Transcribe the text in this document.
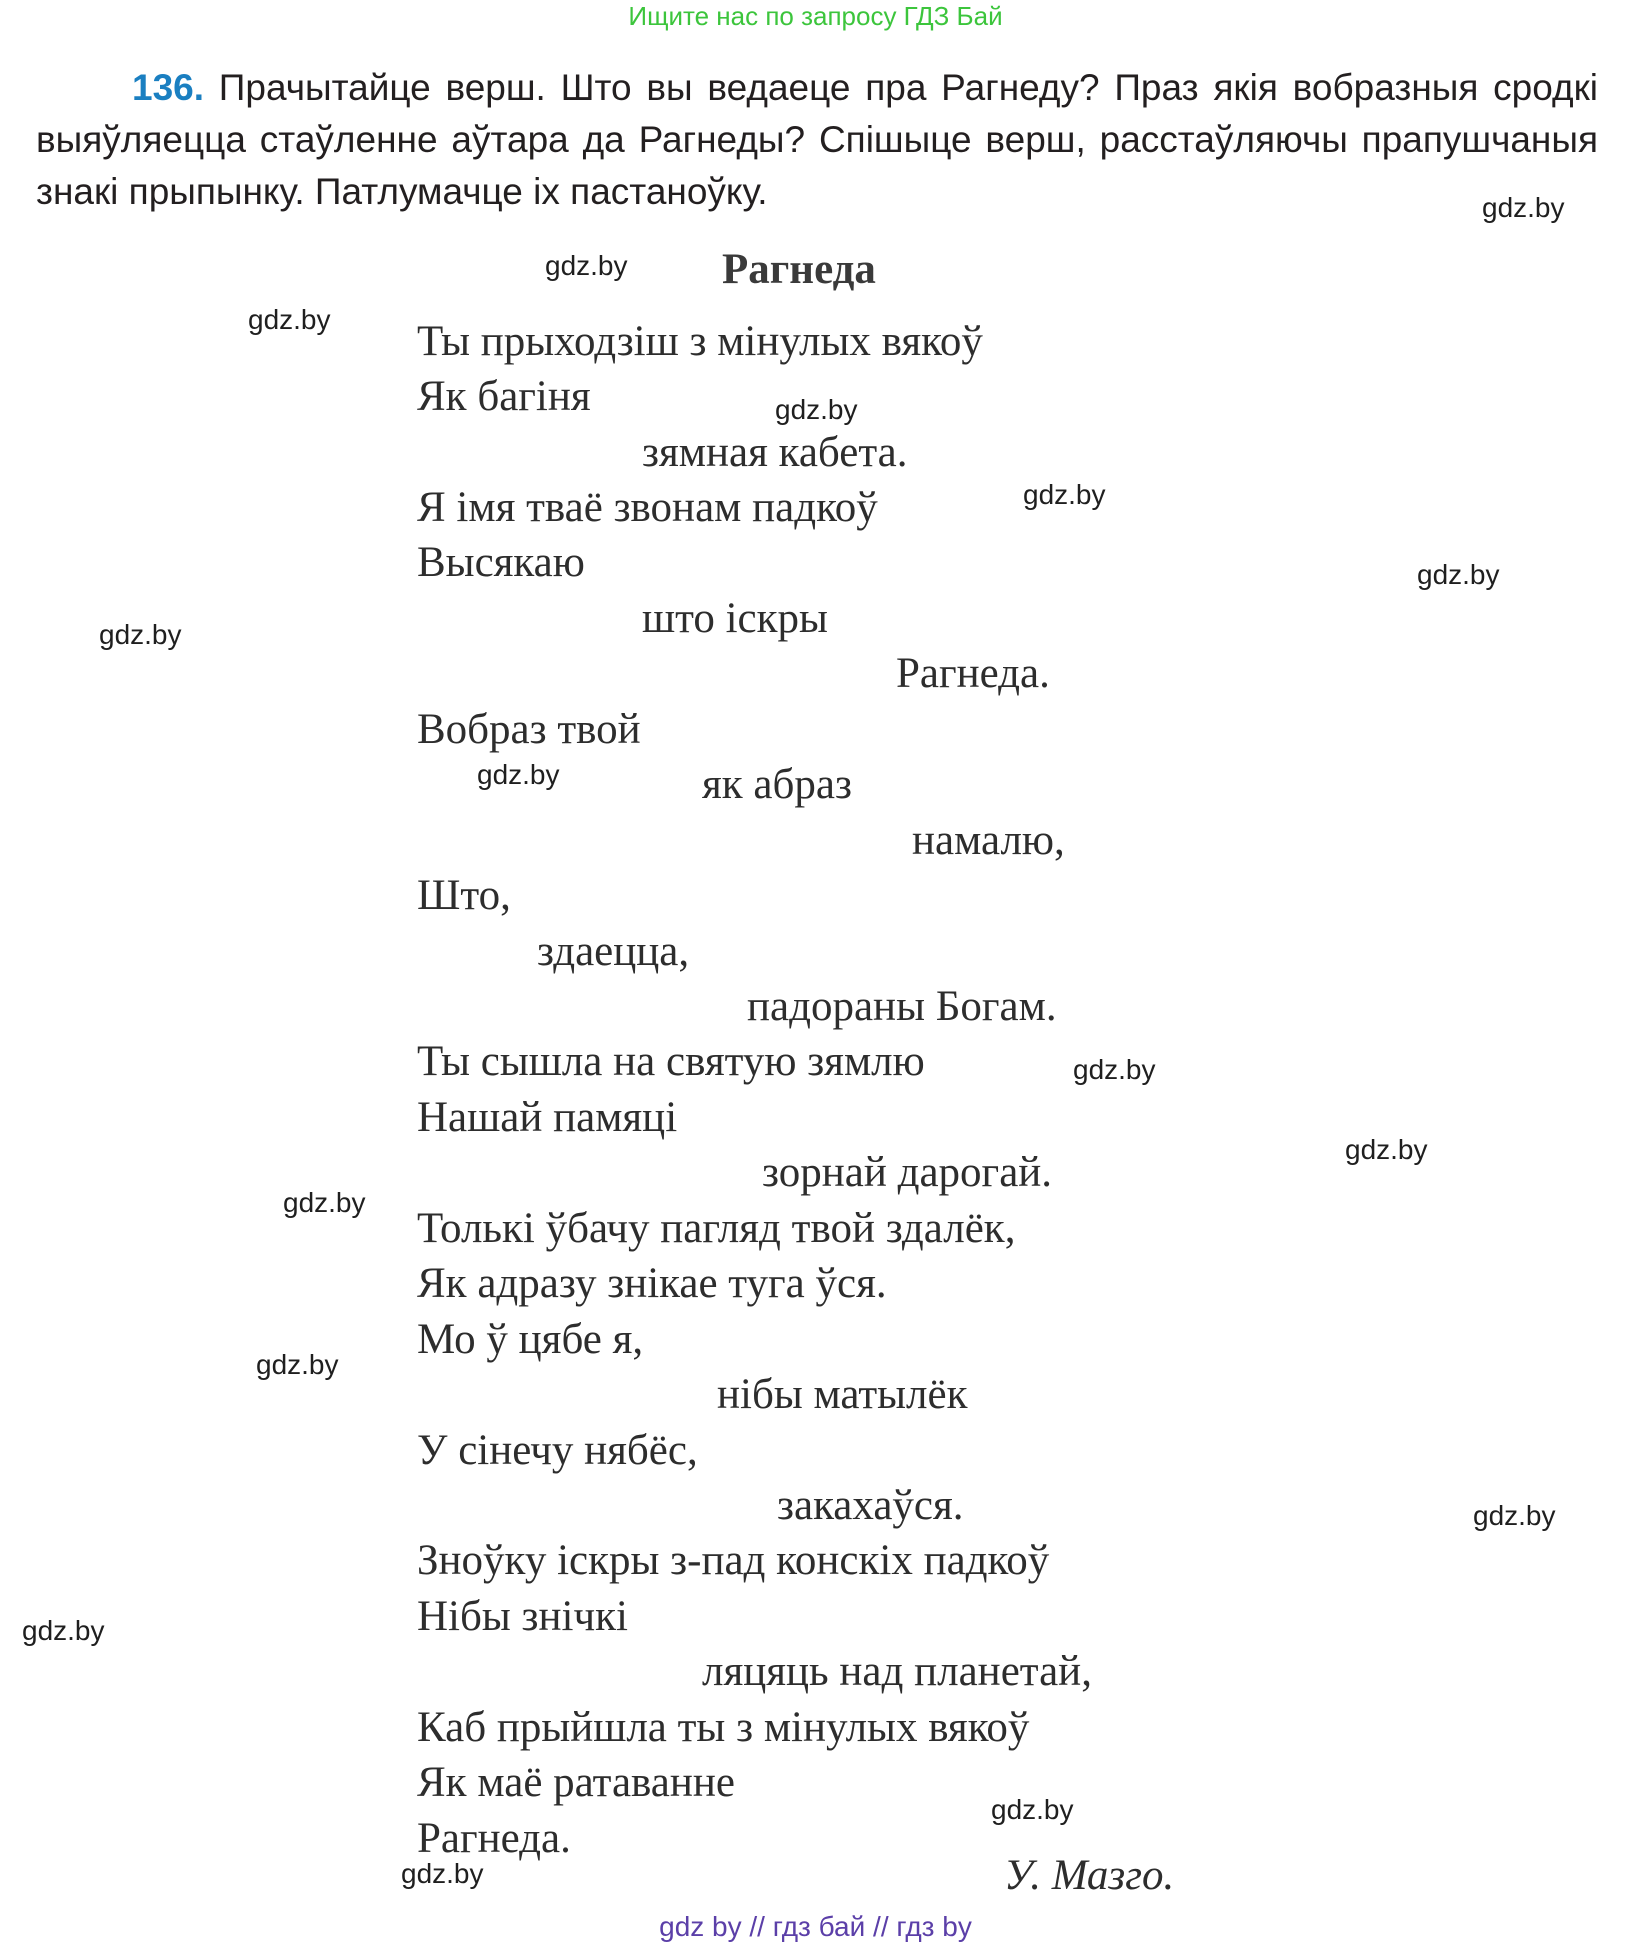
Ищите нас по запросу ГДЗ Бай
136. Прачытайце верш. Што вы ведаеце пра Рагнеду? Праз якія вобразныя сродкі выяўляецца стаўленне аўтара да Рагнеды? Спішыце верш, расстаўляючы прапушчаныя знакі прыпынку. Патлумачце іх пастаноўку.
Рагнеда
Ты прыходзіш з мінулых вякоў
Як багіня
зямная кабета.
Я імя тваё звонам падкоў
Высякаю
што іскры
Рагнеда.
Вобраз твой
як абраз
намалю,
Што,
здаецца,
падораны Богам.
Ты сышла на святую зямлю
Нашай памяці
зорнай дарогай.
Толькі ўбачу пагляд твой здалёк,
Як адразу знікае туга ўся.
Мо ў цябе я,
нібы матылёк
У сінечу нябёс,
закахаўся.
Зноўку іскры з-пад конскіх падкоў
Нібы знічкі
ляцяць над планетай,
Каб прыйшла ты з мінулых вякоў
Як маё ратаванне
Рагнеда.
У. Мазго.
gdz.by
gdz.by
gdz.by
gdz.by
gdz.by
gdz.by
gdz.by
gdz.by
gdz.by
gdz.by
gdz.by
gdz.by
gdz.by
gdz.by
gdz.by
gdz.by
gdz by // гдз бай // гдз by
